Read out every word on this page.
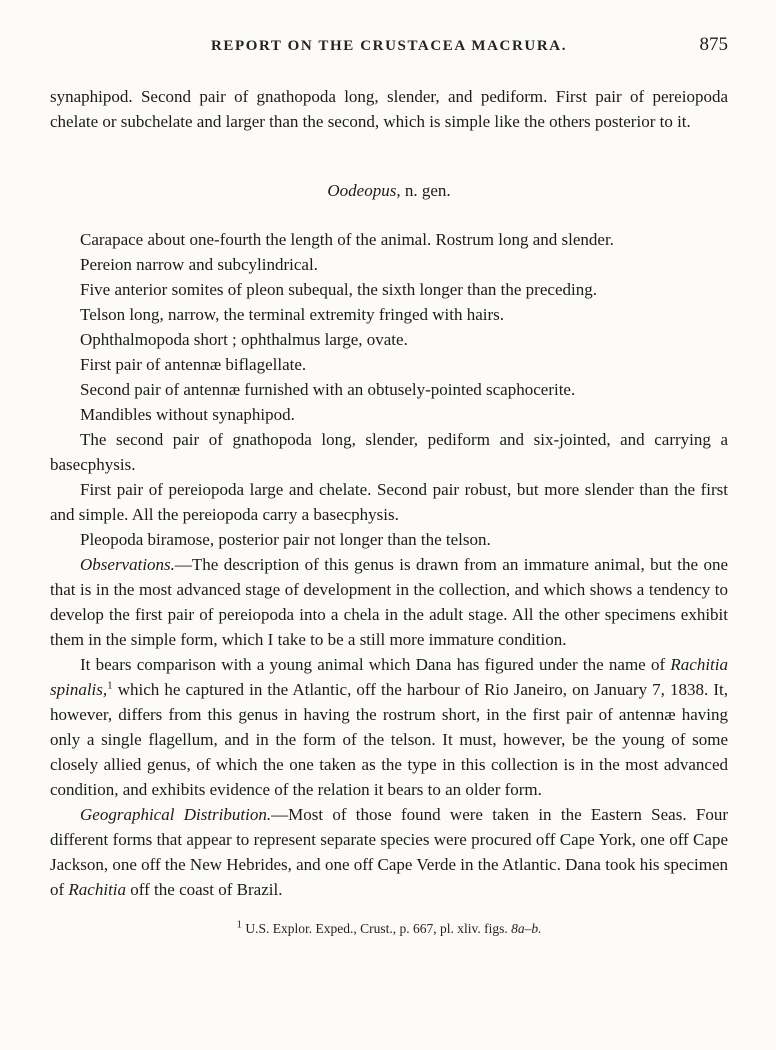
REPORT ON THE CRUSTACEA MACRURA.	875

synaphipod. Second pair of gnathopoda long, slender, and pediform. First pair of pereiopoda chelate or subchelate and larger than the second, which is simple like the others posterior to it.

Oodeopus, n. gen.

Carapace about one-fourth the length of the animal. Rostrum long and slender.

Pereion narrow and subcylindrical.

Five anterior somites of pleon subequal, the sixth longer than the preceding.

Telson long, narrow, the terminal extremity fringed with hairs.

Ophthalmopoda short ; ophthalmus large, ovate.

First pair of antennæ biflagellate.

Second pair of antennæ furnished with an obtusely-pointed scaphocerite.

Mandibles without synaphipod.

The second pair of gnathopoda long, slender, pediform and six-jointed, and carrying a basecphysis.

First pair of pereiopoda large and chelate. Second pair robust, but more slender than the first and simple. All the pereiopoda carry a basecphysis.

Pleopoda biramose, posterior pair not longer than the telson.

Observations.—The description of this genus is drawn from an immature animal, but the one that is in the most advanced stage of development in the collection, and which shows a tendency to develop the first pair of pereiopoda into a chela in the adult stage. All the other specimens exhibit them in the simple form, which I take to be a still more immature condition.

It bears comparison with a young animal which Dana has figured under the name of Rachitia spinalis,$^1$ which he captured in the Atlantic, off the harbour of Rio Janeiro, on January 7, 1838. It, however, differs from this genus in having the rostrum short, in the first pair of antennæ having only a single flagellum, and in the form of the telson. It must, however, be the young of some closely allied genus, of which the one taken as the type in this collection is in the most advanced condition, and exhibits evidence of the relation it bears to an older form.

Geographical Distribution.—Most of those found were taken in the Eastern Seas. Four different forms that appear to represent separate species were procured off Cape York, one off Cape Jackson, one off the New Hebrides, and one off Cape Verde in the Atlantic. Dana took his specimen of Rachitia off the coast of Brazil.

$^1$ U.S. Explor. Exped., Crust., p. 667, pl. xliv. figs. 8a–b.
